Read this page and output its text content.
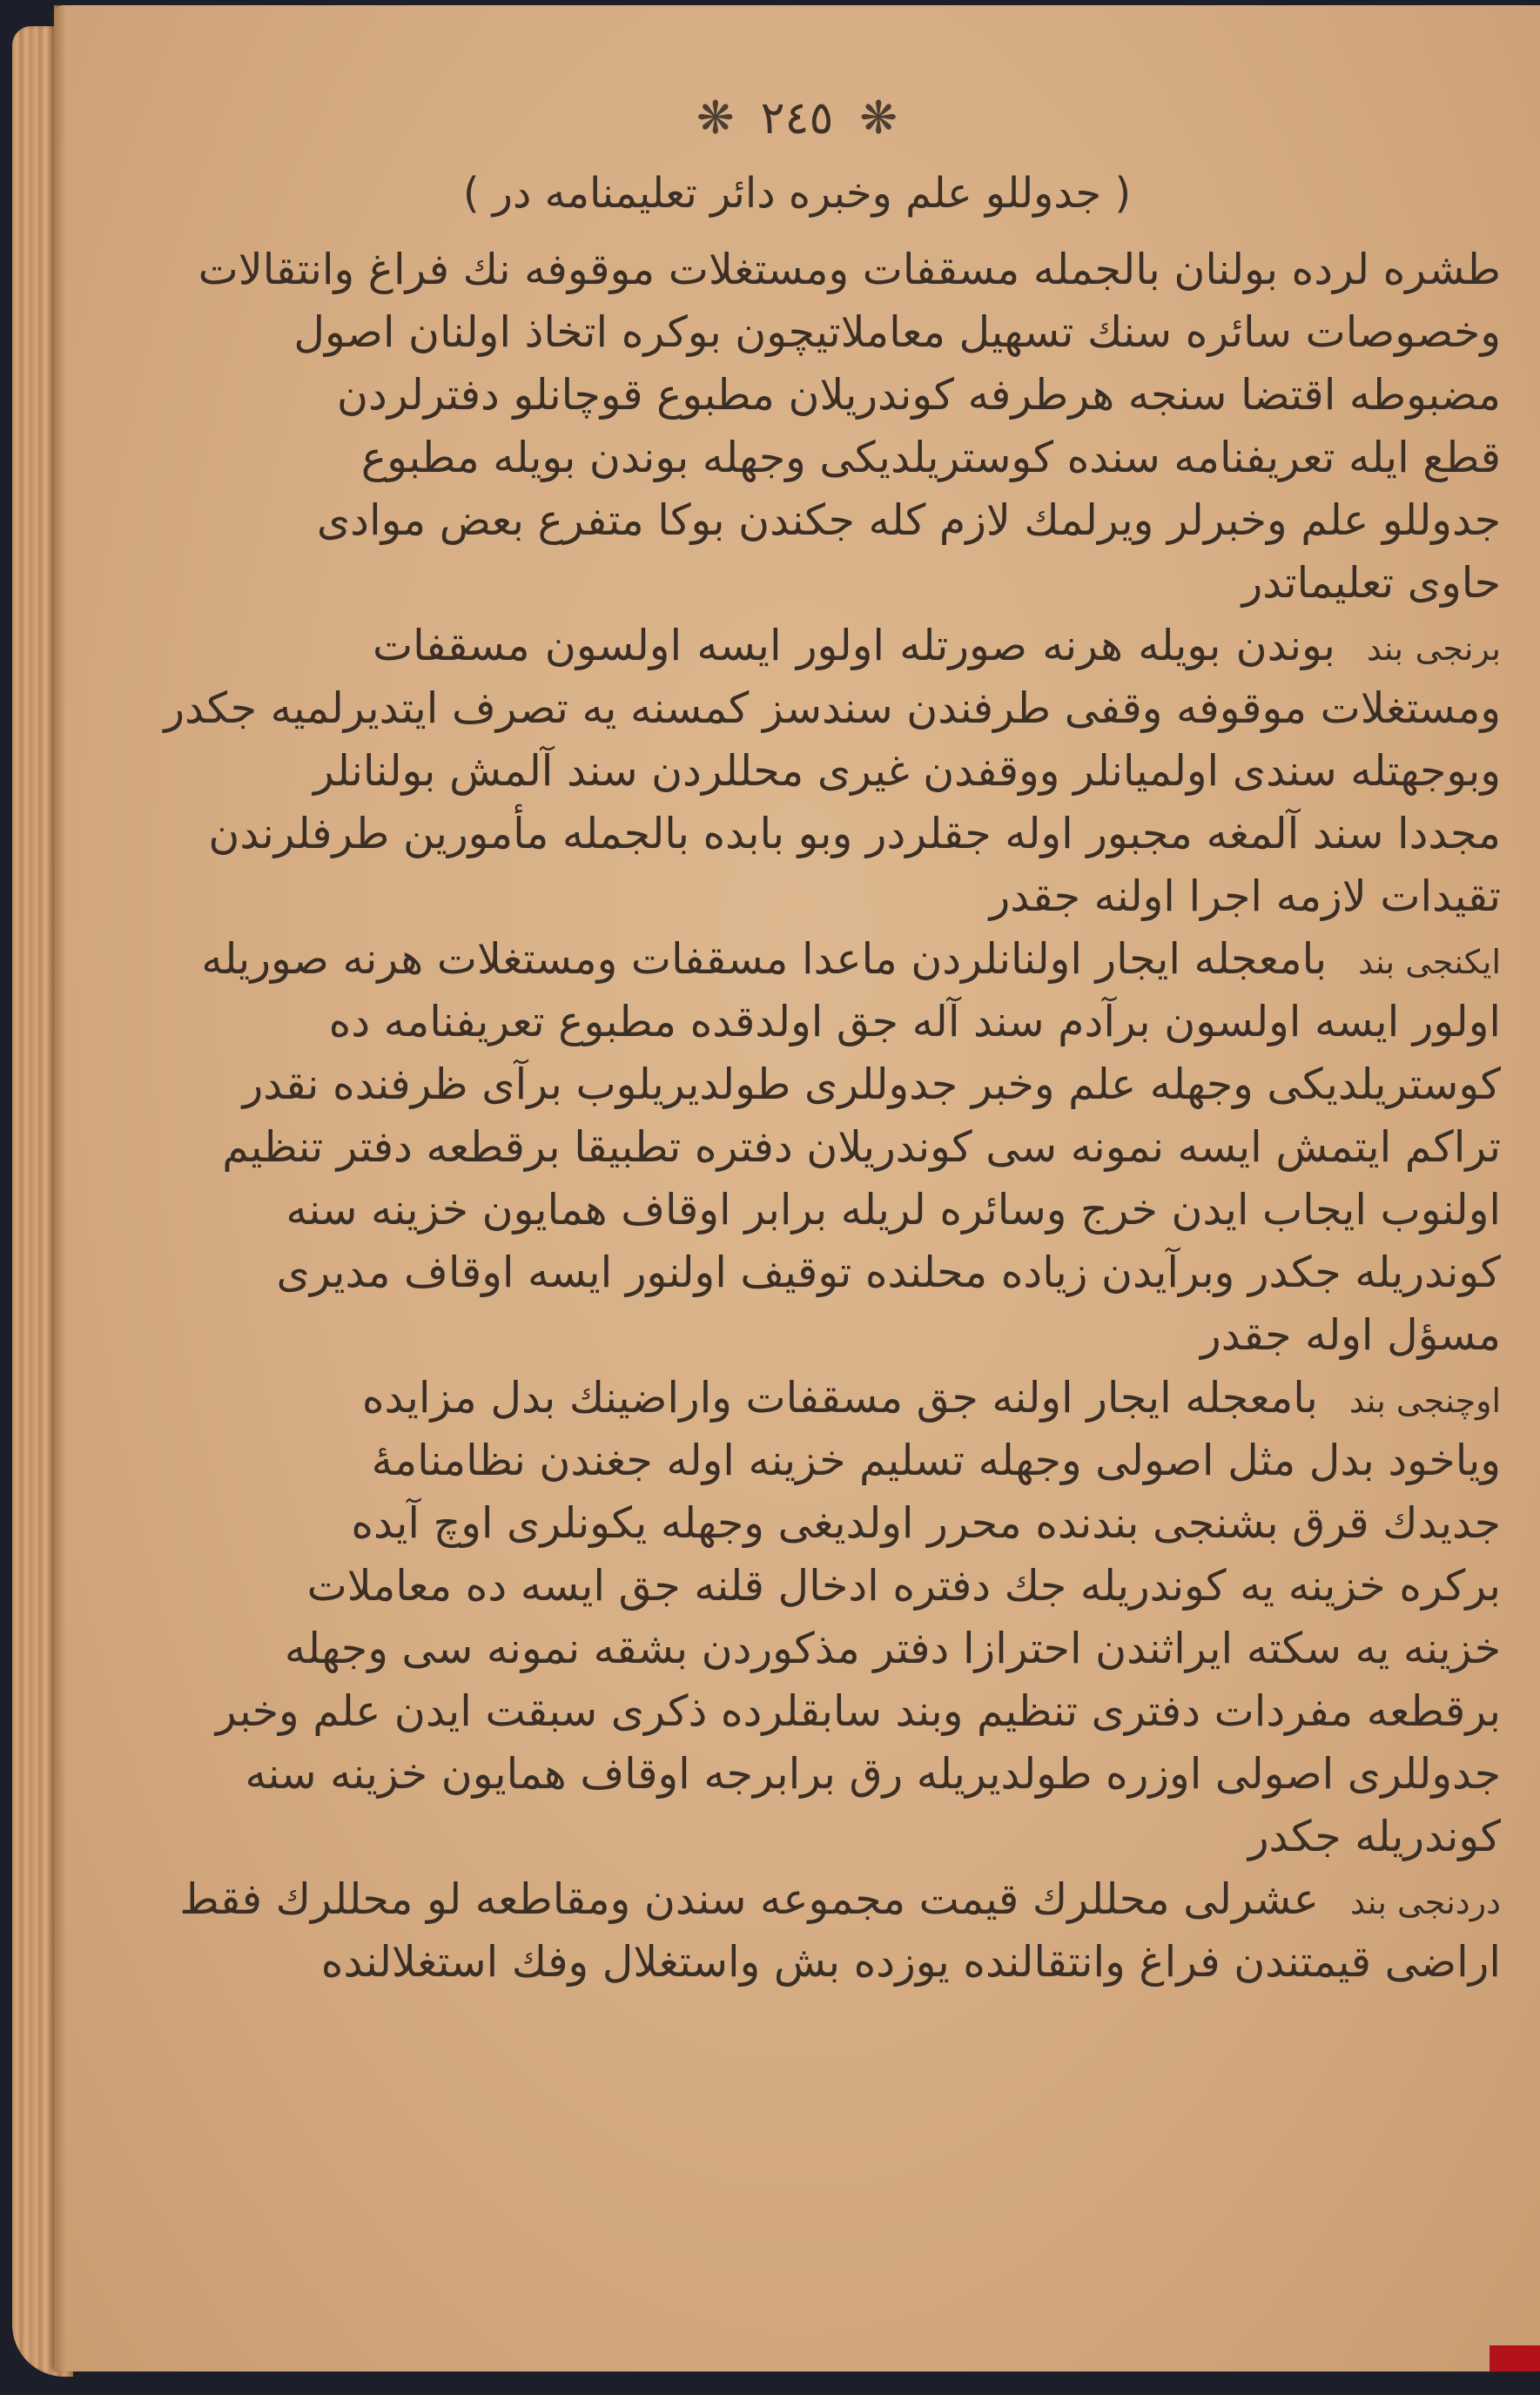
❋ ٢٤٥ ❋
( جدوللو علم وخبره دائر تعليمنامه در )
طشره لرده بولنان بالجمله مسقفات ومستغلات موقوفه نك فراغ وانتقالات
وخصوصات سائره سنك تسهيل معاملاتيچون بوكره اتخاذ اولنان اصول
مضبوطه اقتضا سنجه هرطرفه كوندريلان مطبوع قوچانلو دفترلردن
قطع ايله تعريفنامه سنده كوستريلديكى وجهله بوندن بويله مطبوع
جدوللو علم وخبرلر ويرلمك لازم كله جكندن بوكا متفرع بعض موادى
حاوى تعليماتدر
برنجى بندبوندن بويله هرنه صورتله اولور ايسه اولسون مسقفات
ومستغلات موقوفه وقفى طرفندن سندسز كمسنه يه تصرف ايتديرلميه جكدر
وبوجهتله سندى اولميانلر ووقفدن غيرى محللردن سند آلمش بولنانلر
مجددا سند آلمغه مجبور اوله جقلردر وبو بابده بالجمله مأمورين طرفلرندن
تقيدات لازمه اجرا اولنه جقدر
ايكنجى بندبامعجله ايجار اولنانلردن ماعدا مسقفات ومستغلات هرنه صوريله
اولور ايسه اولسون برآدم سند آله جق اولدقده مطبوع تعريفنامه ده
كوستريلديكى وجهله علم وخبر جدوللرى طولديريلوب برآى ظرفنده نقدر
تراكم ايتمش ايسه نمونه سى كوندريلان دفتره تطبيقا برقطعه دفتر تنظيم
اولنوب ايجاب ايدن خرج وسائره لريله برابر اوقاف همايون خزينه سنه
كوندريله جكدر وبرآيدن زياده محلنده توقيف اولنور ايسه اوقاف مديرى
مسؤل اوله جقدر
اوچنجى بندبامعجله ايجار اولنه جق مسقفات واراضينك بدل مزايده
وياخود بدل مثل اصولى وجهله تسليم خزينه اوله جغندن نظامنامهٔ
جديدك قرق بشنجى بندنده محرر اولديغى وجهله يكونلرى اوچ آيده
بركره خزينه يه كوندريله جك دفتره ادخال قلنه جق ايسه ده معاملات
خزينه يه سكته ايراثندن احترازا دفتر مذكوردن بشقه نمونه سى وجهله
برقطعه مفردات دفترى تنظيم وبند سابقلرده ذكرى سبقت ايدن علم وخبر
جدوللرى اصولى اوزره طولديريله رق برابرجه اوقاف همايون خزينه سنه
كوندريله جكدر
دردنجى بندعشرلى محللرك قيمت مجموعه سندن ومقاطعه لو محللرك فقط
اراضى قيمتندن فراغ وانتقالنده يوزده بش واستغلال وفك استغلالنده
